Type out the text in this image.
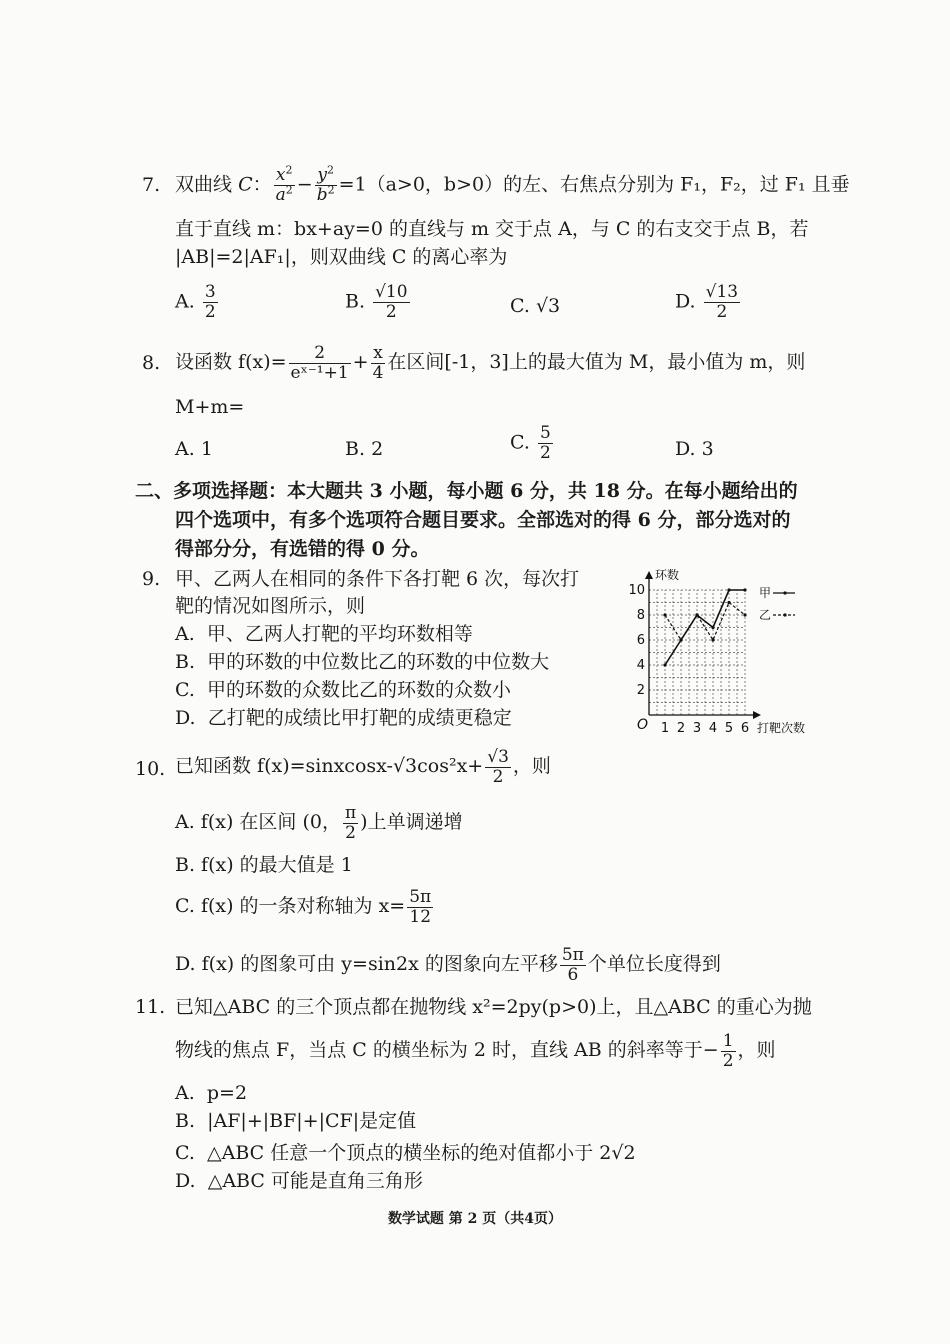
7. 双曲线 C： $\frac{x^2}{a^2} - \frac{y^2}{b^2} =1(a>0$，b>0）的左、右焦点分别为 F₁，F₂，过 F₁ 且垂
直于直线 m：bx+ay=0 的直线与 m 交于点 A，与 C 的右支交于点 B，若
|AB|=2|AF₁|，则双曲线 C 的离心率为
A. $\frac{3}{2}$	B. $\frac{√10}{2}$	C. √3	D. $\frac{√13}{2}$
8. 设函数 $f(x)= \frac{2}{\text{eˣ⁻¹+1}} + \frac{x}{4}$ 在区间[-1，3]上的最大值为 M，最小值为 m，则
M+m=
A. 1	B. 2	C. $\frac{5}{2}$	D. 3
二、多项选择题：本大题共 3 小题，每小题 6 分，共 18 分。在每小题给出的
四个选项中，有多个选项符合题目要求。全部选对的得 6 分，部分选对的
得部分分，有选错的得 0 分。
9. 甲、乙两人在相同的条件下各打靶 6 次，每次打
靶的情况如图所示，则
A. 甲、乙两人打靶的平均环数相等
B. 甲的环数的中位数比乙的环数的中位数大
C. 甲的环数的众数比乙的环数的众数小
D. 乙打靶的成绩比甲打靶的成绩更稳定	1 2 3 4 5 6
2
4
6
8
10
O
环数
打靶次数
甲
乙
10. 已知函数 f(x)=sinxcosx-√3cos²x+ $\frac{√3}{2}$ ，则
A. f(x) 在区间 (0， $\frac{\pi}{2}$ )上单调递增
B. f(x) 的最大值是 1
C. f(x) 的一条对称轴为 $x= \frac{5\pi}{12}$
D. f(x) 的图象可由 y=sin2x 的图象向左平移 $\frac{5\pi}{6}$ 个单位长度得到
11. 已知△ABC 的三个顶点都在抛物线 x²=2py(p>0)上，且△ABC 的重心为抛
物线的焦点 F，当点 C 的横坐标为 2 时，直线 AB 的斜率等于− $\frac{1}{2}$ ，则
A. p=2
B. |AF|+|BF|+|CF|是定值
C. △ABC 任意一个顶点的横坐标的绝对值都小于 2√2
D. △ABC 可能是直角三角形
数学试题 第 2 页（共4页）
